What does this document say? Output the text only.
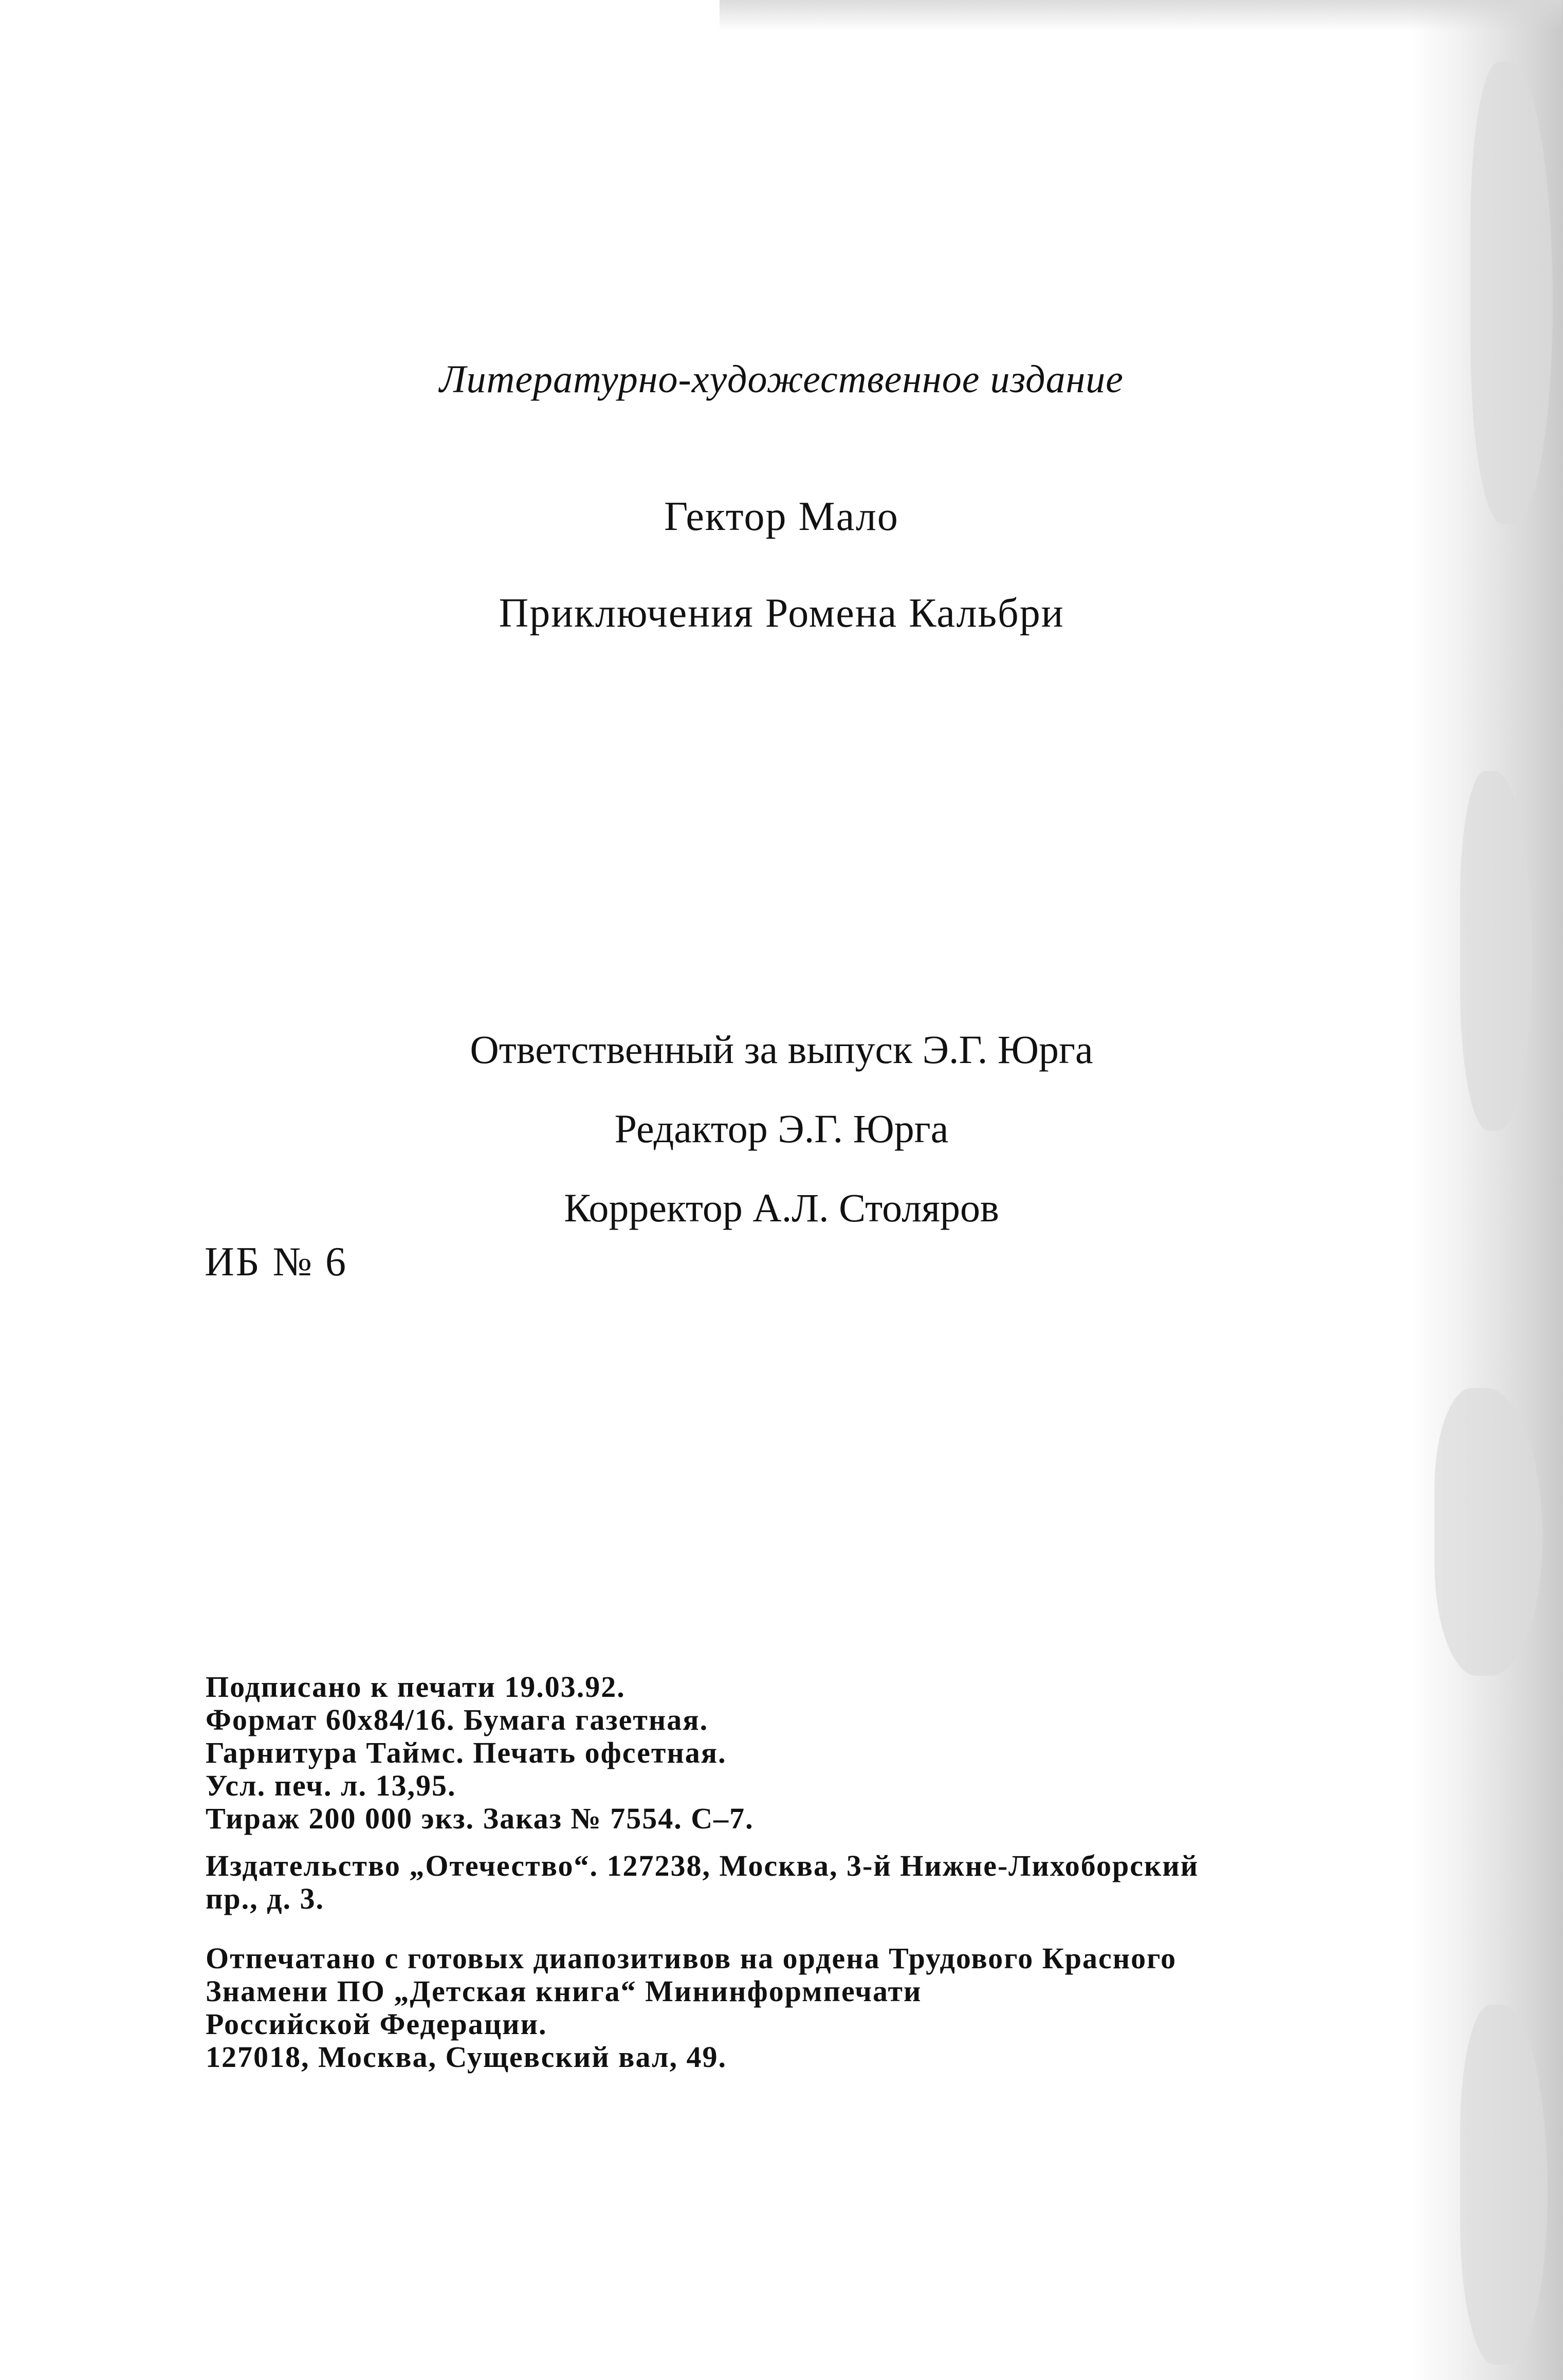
Литературно-художественное издание
Гектор Мало
Приключения Ромена Кальбри
Ответственный за выпуск Э.Г. Юрга
Редактор Э.Г. Юрга
Корректор А.Л. Столяров
ИБ № 6
Подписано к печати 19.03.92.
Формат 60х84/16. Бумага газетная.
Гарнитура Таймс. Печать офсетная.
Усл. печ. л. 13,95.
Тираж 200 000 экз. Заказ № 7554. С–7.
Издательство „Отечество“. 127238, Москва, 3-й Нижне-Лихоборский
пр., д. 3.
Отпечатано с готовых диапозитивов на ордена Трудового Красного
Знамени ПО „Детская книга“ Мининформпечати
Российской Федерации.
127018, Москва, Сущевский вал, 49.
